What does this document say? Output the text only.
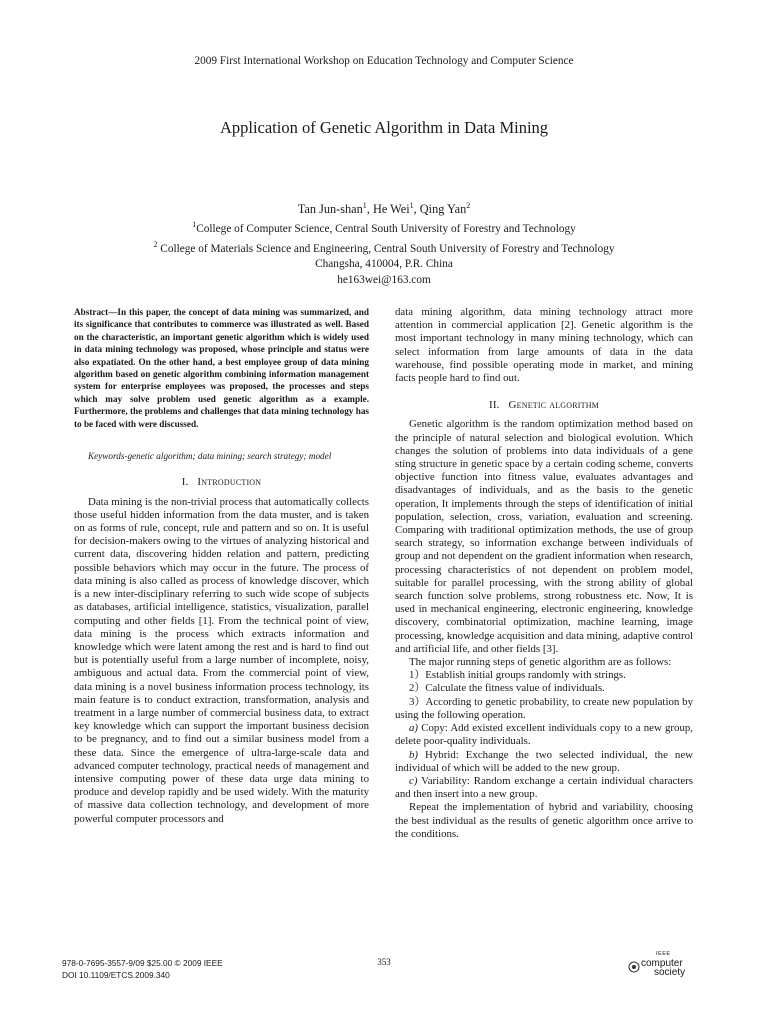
2009 First International Workshop on Education Technology and Computer Science
Application of Genetic Algorithm in Data Mining
Tan Jun-shan$^1$, He Wei$^1$, Qing Yan$^2$
$^1$College of Computer Science, Central South University of Forestry and Technology
$^2$ College of Materials Science and Engineering, Central South University of Forestry and Technology
Changsha, 410004, P.R. China
he163wei@163.com

Abstract—In this paper, the concept of data mining was summarized, and its significance that contributes to commerce was illustrated as well. Based on the characteristic, an important genetic algorithm which is widely used in data mining technology was proposed, whose principle and status were also expatiated. On the other hand, a best employee group of data mining algorithm based on genetic algorithm combining information management system for enterprise employees was proposed, the processes and steps which may solve problem used genetic algorithm as a example. Furthermore, the problems and challenges that data mining technology has to be faced with were discussed.

Keywords-genetic algorithm; data mining; search strategy; model

I. Introduction

Data mining is the non-trivial process that automatically collects those useful hidden information from the data muster, and is taken on as forms of rule, concept, rule and pattern and so on. It is useful for decision-makers owing to the virtues of analyzing historical and current data, discovering hidden relation and pattern, predicting possible behaviors which may occur in the future. The process of data mining is also called as process of knowledge discover, which is a new inter-disciplinary referring to such wide scope of subjects as databases, artificial intelligence, statistics, visualization, parallel computing and other fields [1]. From the technical point of view, data mining is the process which extracts information and knowledge which were latent among the rest and is hard to find out but is potentially useful from a large number of incomplete, noisy, ambiguous and actual data. From the commercial point of view, data mining is a novel business information process technology, its main feature is to conduct extraction, transformation, analysis and treatment in a large number of commercial business data, to extract key knowledge which can support the important business decision to be pregnancy, and to find out a similar business model from a these data. Since the emergence of ultra-large-scale data and advanced computer technology, practical needs of management and intensive computing power of these data urge data mining to produce and develop rapidly and be used widely. With the maturity of massive data collection technology, and development of more powerful computer processors and

data mining algorithm, data mining technology attract more attention in commercial application [2]. Genetic algorithm is the most important technology in many mining technology, which can select information from large amounts of data in the data warehouse, find possible operating mode in market, and mining facts people hard to find out.

II. Genetic algorithm

Genetic algorithm is the random optimization method based on the principle of natural selection and biological evolution. Which changes the solution of problems into data individuals of a gene sting structure in genetic space by a certain coding scheme, converts objective function into fitness value, evaluates advantages and disadvantages of individuals, and as the basis to the genetic operation, It implements through the steps of identification of initial population, selection, cross, variation, evaluation and screening. Comparing with traditional optimization methods, the use of group search strategy, so information exchange between individuals of group and not dependent on the gradient information when research, processing characteristics of not dependent on problem model, suitable for parallel processing, with the strong ability of global search function solve problems, strong robustness etc. Now, It is used in mechanical engineering, electronic engineering, knowledge discovery, combinatorial optimization, machine learning, image processing, knowledge acquisition and data mining, adaptive control and artificial life, and other fields [3].

The major running steps of genetic algorithm are as follows:

1）Establish initial groups randomly with strings.

2）Calculate the fitness value of individuals.

3）According to genetic probability, to create new population by using the following operation.

a) Copy: Add existed excellent individuals copy to a new group, delete poor-quality individuals.

b) Hybrid: Exchange the two selected individual, the new individual of which will be added to the new group.

c) Variability: Random exchange a certain individual characters and then insert into a new group.

Repeat the implementation of hybrid and variability, choosing the best individual as the results of genetic algorithm once arrive to the conditions.

978-0-7695-3557-9/09 $25.00 © 2009 IEEE
DOI 10.1109/ETCS.2009.340
353
IEEE
computer
society
